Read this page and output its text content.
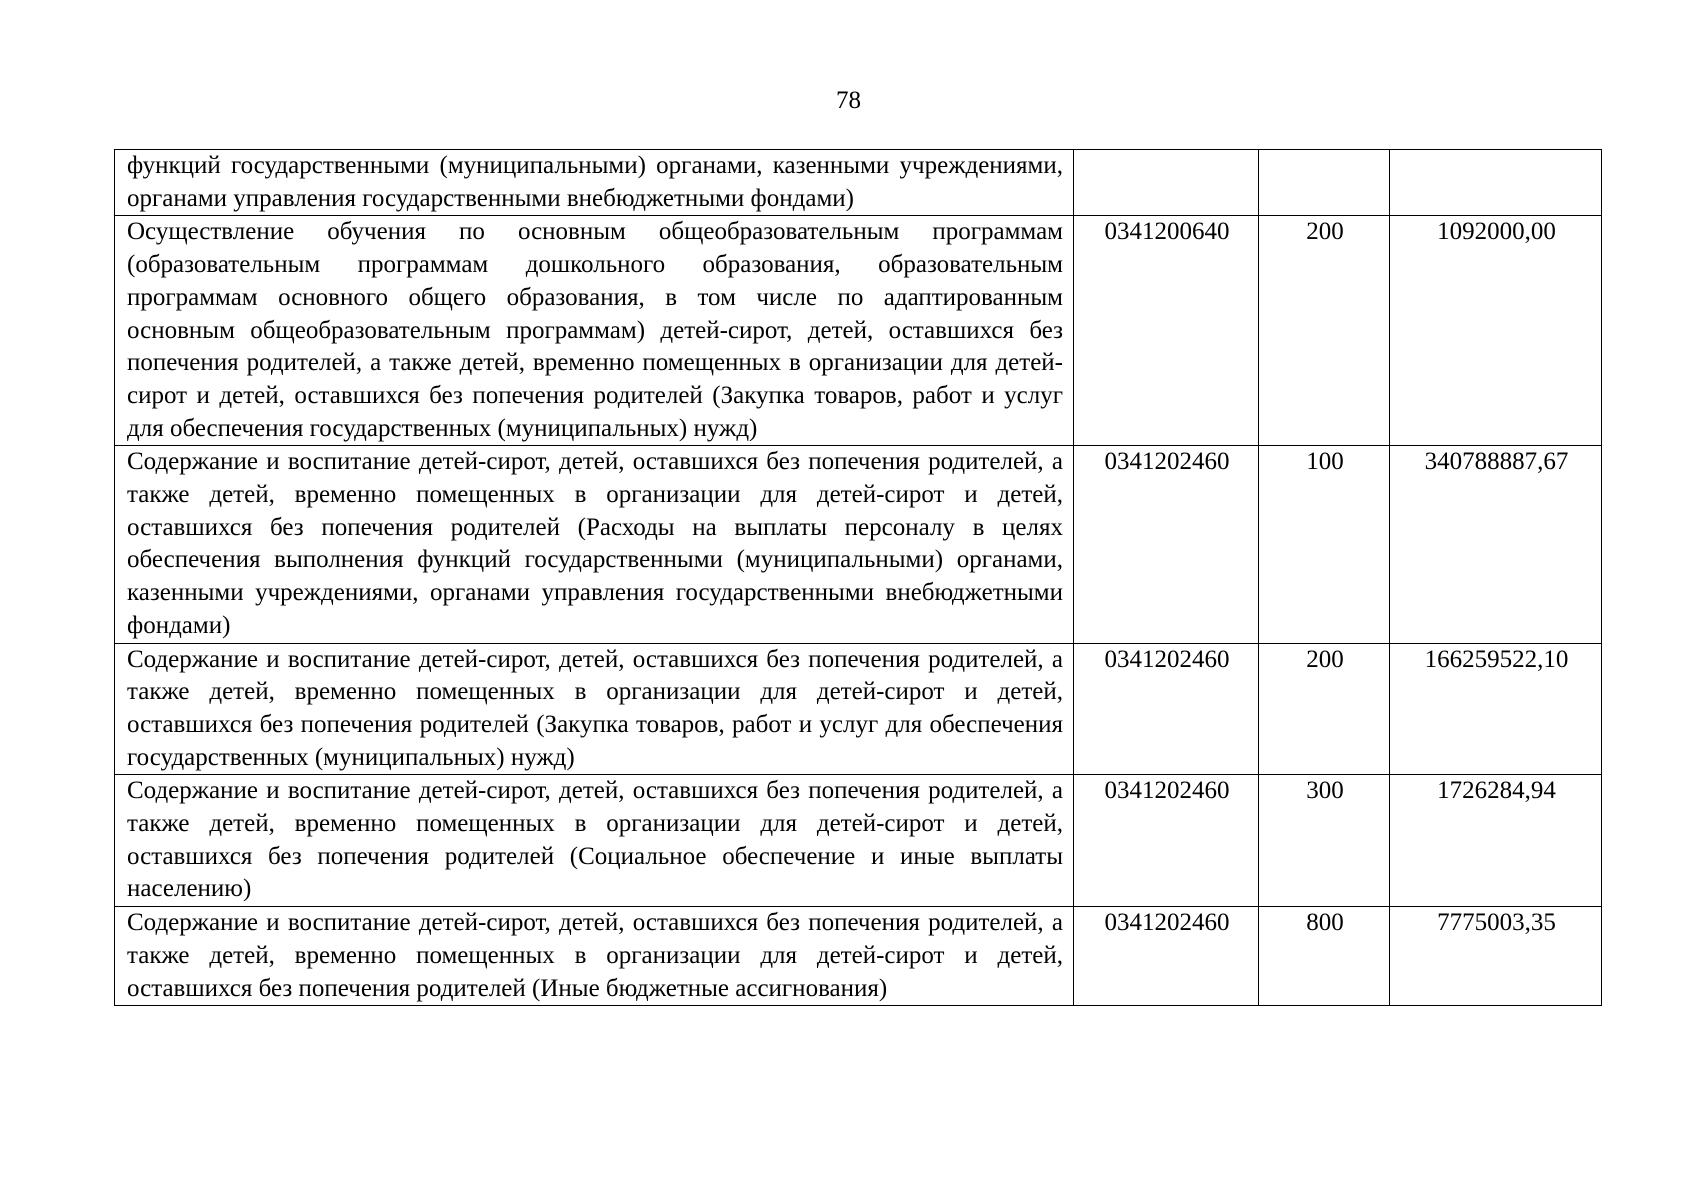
78
функций государственными (муниципальными) органами, казенными учреждениями, органами управления государственными внебюджетными фондами)			
Осуществление обучения по основным общеобразовательным программам (образовательным программам дошкольного образования, образовательным программам основного общего образования, в том числе по адаптированным основным общеобразовательным программам) детей-сирот, детей, оставшихся без попечения родителей, а также детей, временно помещенных в организации для детей-сирот и детей, оставшихся без попечения родителей (Закупка товаров, работ и услуг для обеспечения государственных (муниципальных) нужд)	0341200640	200	1092000,00
Содержание и воспитание детей-сирот, детей, оставшихся без попечения родителей, а также детей, временно помещенных в организации для детей-сирот и детей, оставшихся без попечения родителей (Расходы на выплаты персоналу в целях обеспечения выполнения функций государственными (муниципальными) органами, казенными учреждениями, органами управления государственными внебюджетными фондами)	0341202460	100	340788887,67
Содержание и воспитание детей-сирот, детей, оставшихся без попечения родителей, а также детей, временно помещенных в организации для детей-сирот и детей, оставшихся без попечения родителей (Закупка товаров, работ и услуг для обеспечения государственных (муниципальных) нужд)	0341202460	200	166259522,10
Содержание и воспитание детей-сирот, детей, оставшихся без попечения родителей, а также детей, временно помещенных в организации для детей-сирот и детей, оставшихся без попечения родителей (Социальное обеспечение и иные выплаты населению)	0341202460	300	1726284,94
Содержание и воспитание детей-сирот, детей, оставшихся без попечения родителей, а также детей, временно помещенных в организации для детей-сирот и детей, оставшихся без попечения родителей (Иные бюджетные ассигнования)	0341202460	800	7775003,35
